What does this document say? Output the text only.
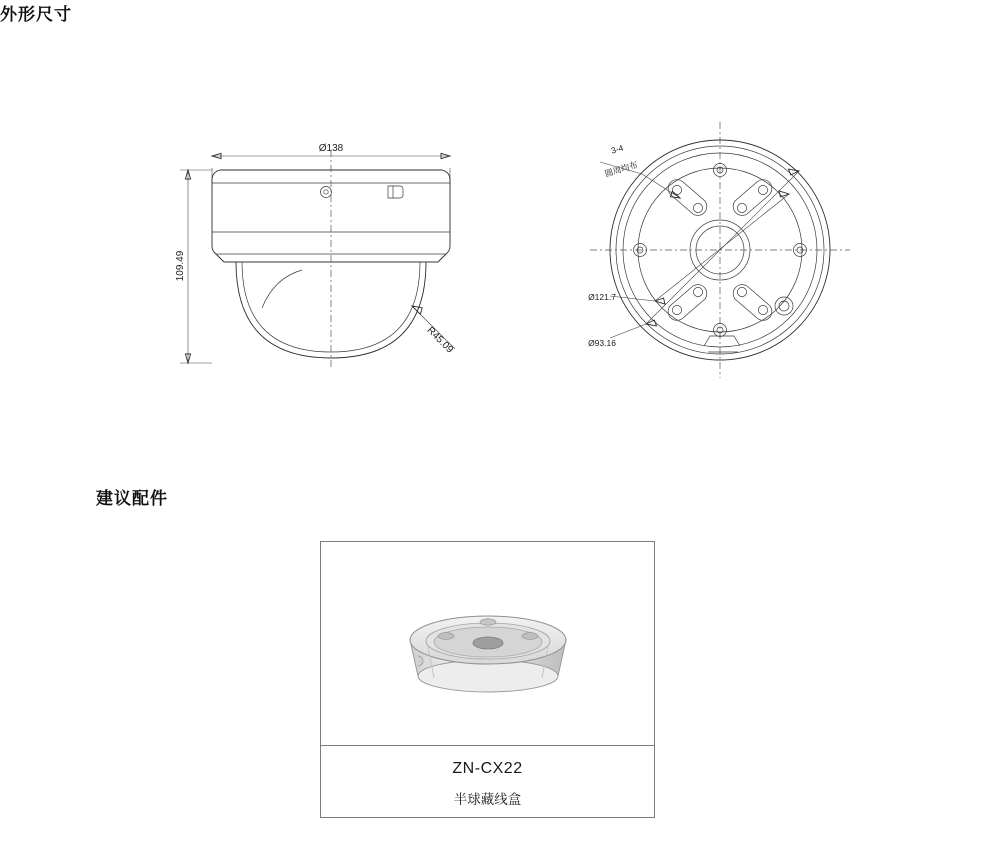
外形尺寸
建议配件
Ø138
109.49
R45.09
3-4
圆周均布
Ø121.7
Ø93.16
ZN-CX22
半球藏线盒
